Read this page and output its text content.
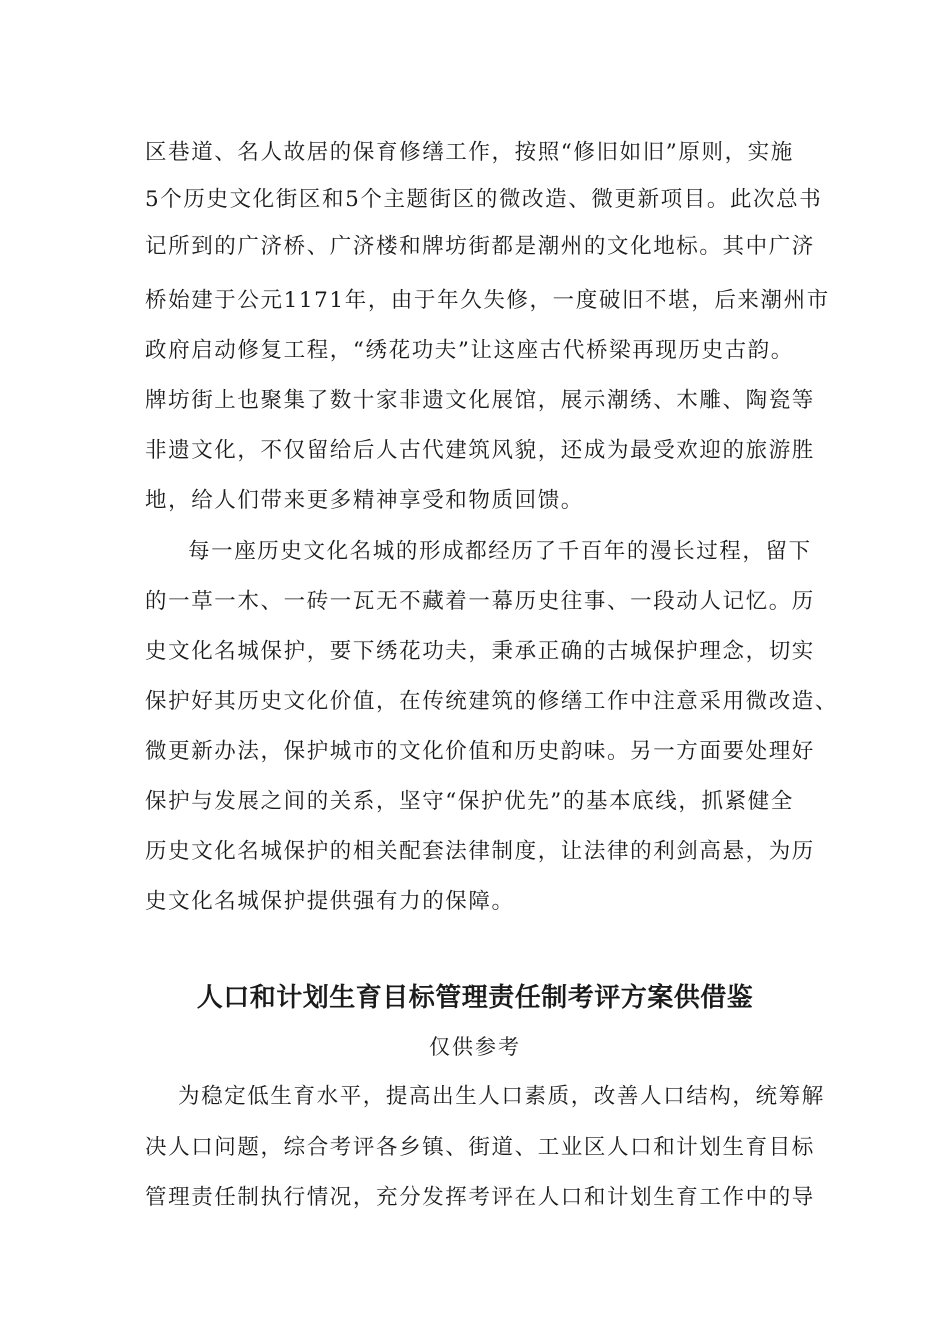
区巷道、名人故居的保育修缮工作，按照“修旧如旧”原则，实施
5个历史文化街区和5个主题街区的微改造、微更新项目。此次总书
记所到的广济桥、广济楼和牌坊街都是潮州的文化地标。其中广济
桥始建于公元1171年，由于年久失修，一度破旧不堪，后来潮州市
政府启动修复工程，“绣花功夫”让这座古代桥梁再现历史古韵。
牌坊街上也聚集了数十家非遗文化展馆，展示潮绣、木雕、陶瓷等
非遗文化，不仅留给后人古代建筑风貌，还成为最受欢迎的旅游胜
地，给人们带来更多精神享受和物质回馈。
每一座历史文化名城的形成都经历了千百年的漫长过程，留下
的一草一木、一砖一瓦无不藏着一幕历史往事、一段动人记忆。历
史文化名城保护，要下绣花功夫，秉承正确的古城保护理念，切实
保护好其历史文化价值，在传统建筑的修缮工作中注意采用微改造、
微更新办法，保护城市的文化价值和历史韵味。另一方面要处理好
保护与发展之间的关系，坚守“保护优先”的基本底线，抓紧健全
历史文化名城保护的相关配套法律制度，让法律的利剑高悬，为历
史文化名城保护提供强有力的保障。
人口和计划生育目标管理责任制考评方案供借鉴
仅供参考
为稳定低生育水平，提高出生人口素质，改善人口结构，统筹解
决人口问题，综合考评各乡镇、街道、工业区人口和计划生育目标
管理责任制执行情况，充分发挥考评在人口和计划生育工作中的导
